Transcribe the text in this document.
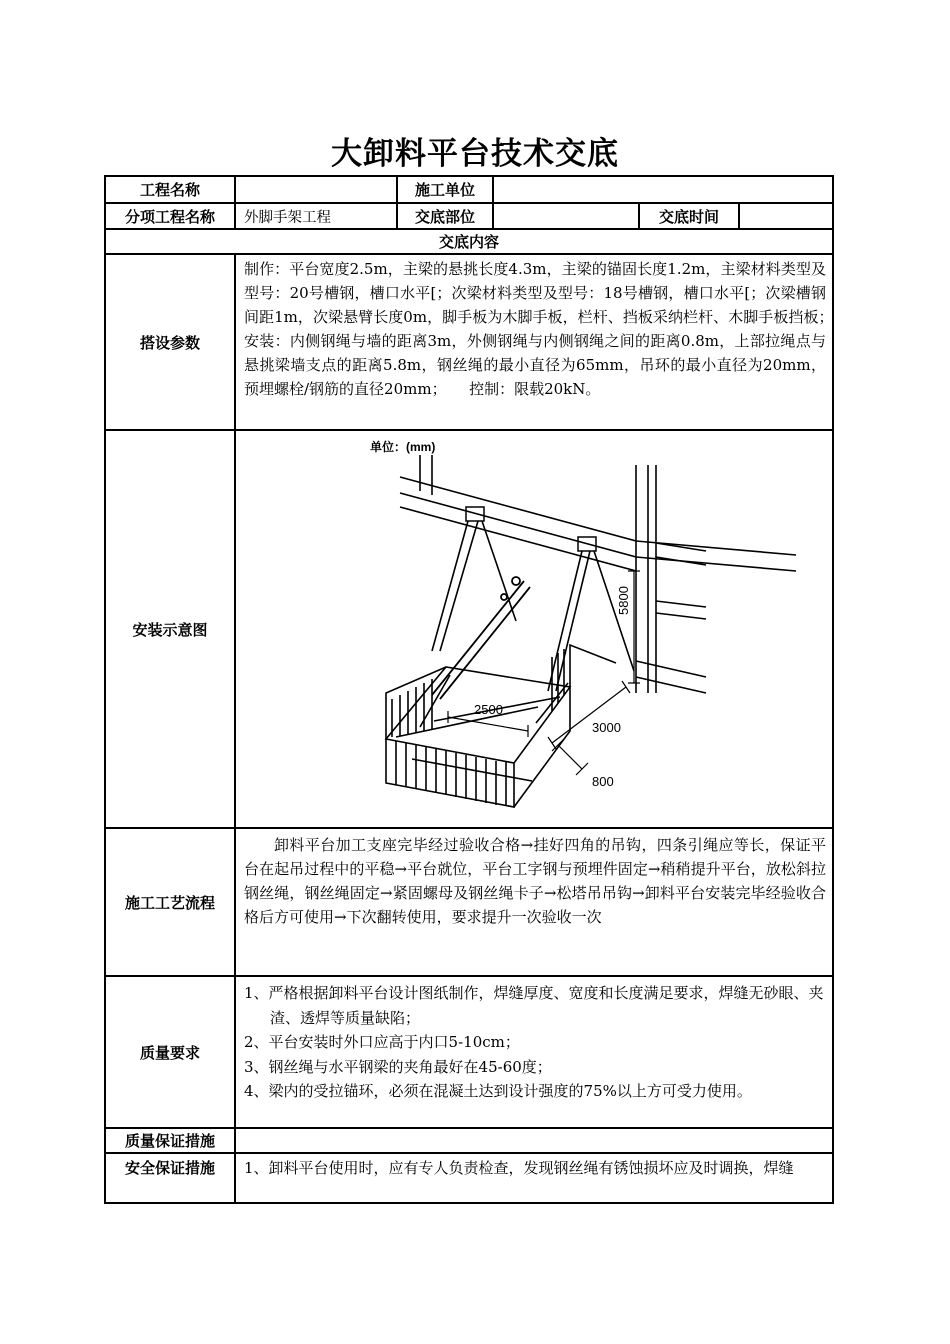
大卸料平台技术交底
工程名称		施工单位			
分项工程名称	外脚手架工程	交底部位		交底时间	
交底内容					
搭设参数	制作：平台宽度2.5m，主梁的悬挑长度4.3m，主梁的锚固长度1.2m，主梁材料类型及型号：20号槽钢，槽口水平[；次梁材料类型及型号：18号槽钢，槽口水平[；次梁槽钢间距1m，次梁悬臂长度0m，脚手板为木脚手板，栏杆、挡板采纳栏杆、木脚手板挡板；　　安装：内侧钢绳与墙的距离3m，外侧钢绳与内侧钢绳之间的距离0.8m，上部拉绳点与悬挑梁墙支点的距离5.8m，钢丝绳的最小直径为65mm，吊环的最小直径为20mm，预埋螺栓/钢筋的直径20mm；　　控制：限载20kN。				
安装示意图	单位：(mm)
2500
5800
3000
800				

施工工艺流程	卸料平台加工支座完毕经过验收合格→挂好四角的吊钩，四条引绳应等长，保证平台在起吊过程中的平稳→平台就位，平台工字钢与预埋件固定→稍稍提升平台，放松斜拉钢丝绳，钢丝绳固定→紧固螺母及钢丝绳卡子→松塔吊吊钩→卸料平台安装完毕经验收合格后方可使用→下次翻转使用，要求提升一次验收一次				
质量要求	1、严格根据卸料平台设计图纸制作，焊缝厚度、宽度和长度满足要求，焊缝无砂眼、夹渣、透焊等质量缺陷；
2、平台安装时外口应高于内口5-10cm；
3、钢丝绳与水平钢梁的夹角最好在45-60度；
4、梁内的受拉锚环，必须在混凝土达到设计强度的75%以上方可受力使用。				

质量保证措施					
安全保证措施	1、卸料平台使用时，应有专人负责检查，发现钢丝绳有锈蚀损坏应及时调换，焊缝				
